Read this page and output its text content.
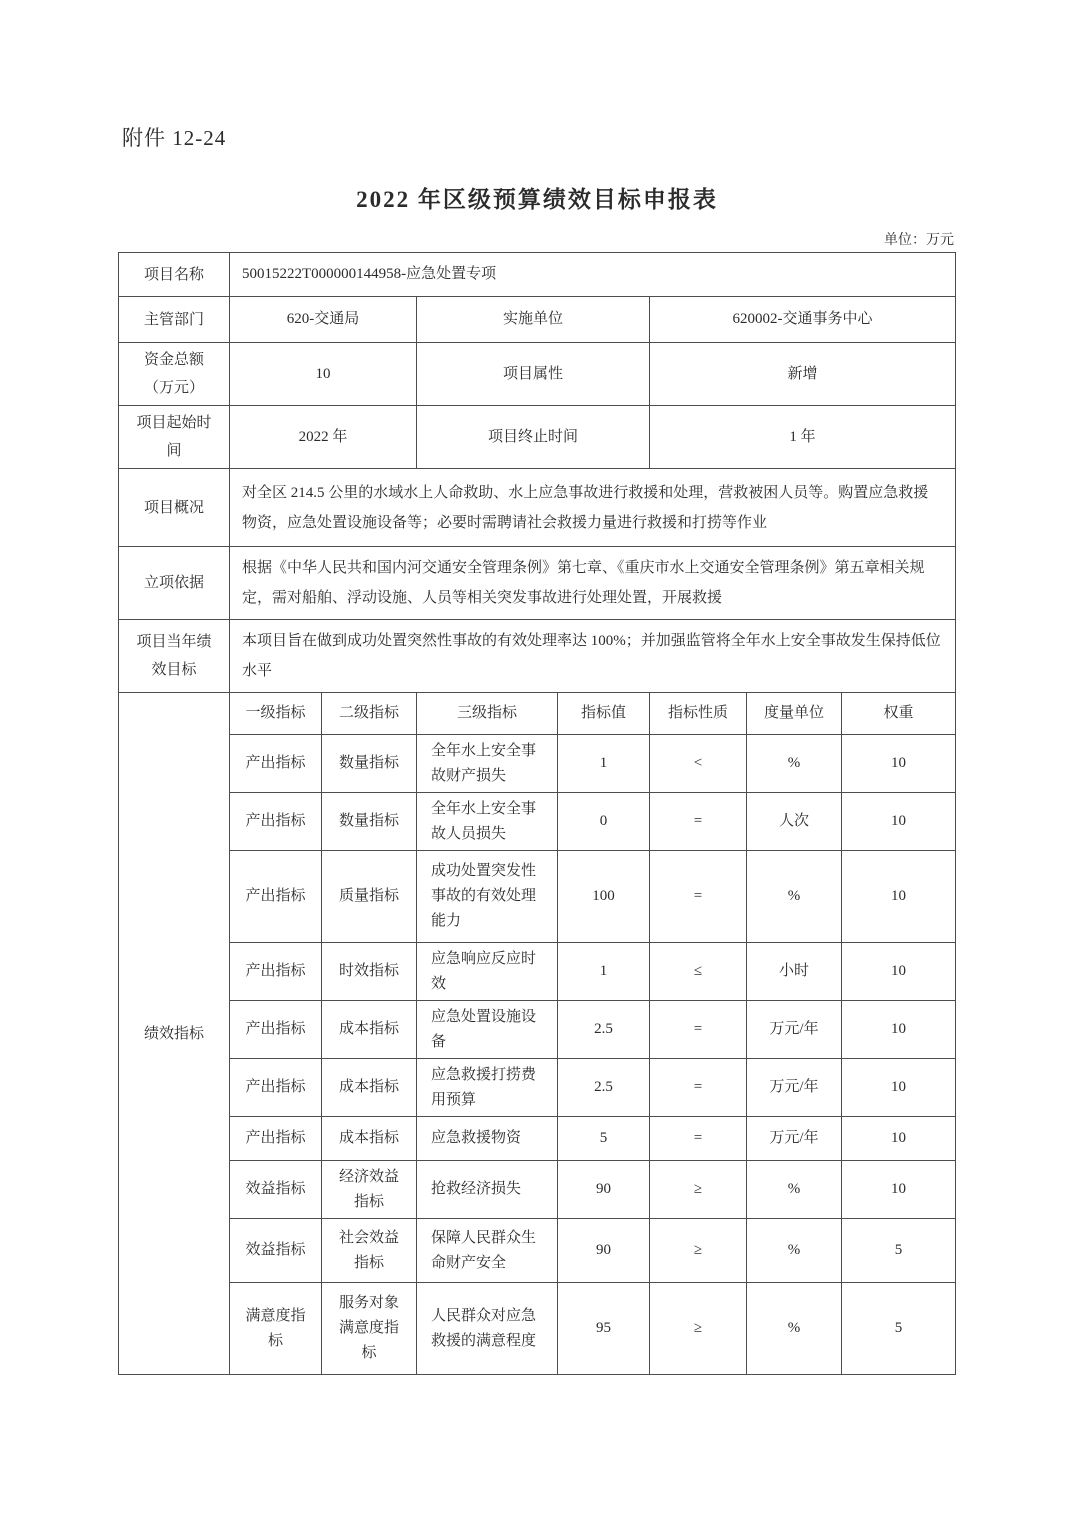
附件 12-24
2022 年区级预算绩效目标申报表
单位：万元
项目名称	50015222T000000144958-应急处置专项						
主管部门	620-交通局		实施单位		620002-交通事务中心		
资金总额（万元）	10		项目属性		新增		
项目起始时间	2022 年		项目终止时间		1 年		
项目概况	对全区 214.5 公里的水域水上人命救助、水上应急事故进行救援和处理，营救被困人员等。购置应急救援物资，应急处置设施设备等；必要时需聘请社会救援力量进行救援和打捞等作业						
立项依据	根据《中华人民共和国内河交通安全管理条例》第七章、《重庆市水上交通安全管理条例》第五章相关规定，需对船舶、浮动设施、人员等相关突发事故进行处理处置，开展救援						
项目当年绩效目标	本项目旨在做到成功处置突然性事故的有效处理率达 100%；并加强监管将全年水上安全事故发生保持低位水平						
绩效指标	一级指标	二级指标	三级指标	指标值	指标性质	度量单位	权重
	产出指标	数量指标	全年水上安全事故财产损失	1	<	%	10
	产出指标	数量指标	全年水上安全事故人员损失	0	=	人次	10
	产出指标	质量指标	成功处置突发性事故的有效处理能力	100	=	%	10
	产出指标	时效指标	应急响应反应时效	1	≤	小时	10
	产出指标	成本指标	应急处置设施设备	2.5	=	万元/年	10
	产出指标	成本指标	应急救援打捞费用预算	2.5	=	万元/年	10
	产出指标	成本指标	应急救援物资	5	=	万元/年	10
	效益指标	经济效益指标	抢救经济损失	90	≥	%	10
	效益指标	社会效益指标	保障人民群众生命财产安全	90	≥	%	5
	满意度指标	服务对象满意度指标	人民群众对应急救援的满意程度	95	≥	%	5
